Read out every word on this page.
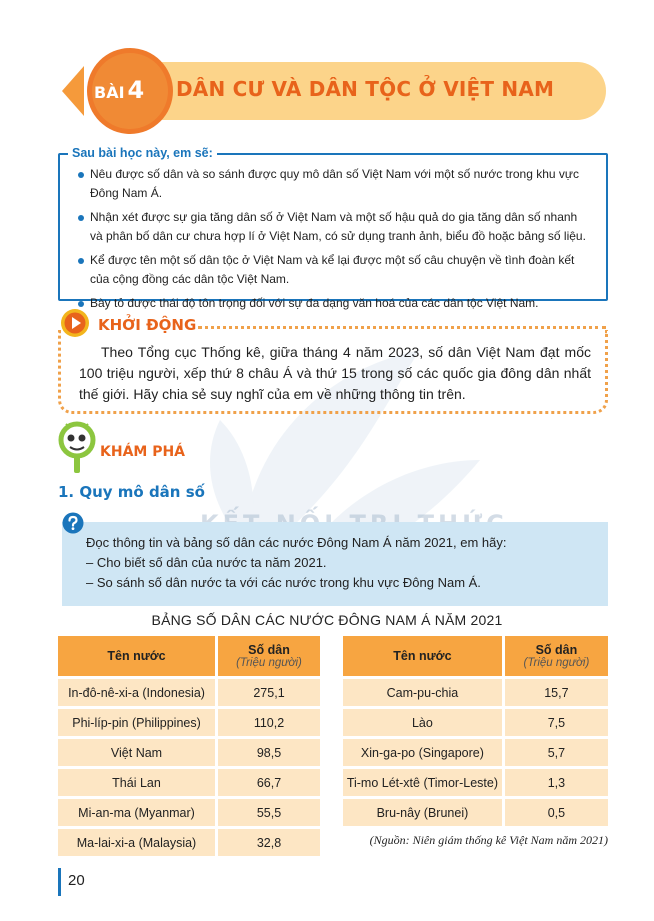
BÀI 4 DÂN CƯ VÀ DÂN TỘC Ở VIỆT NAM
Sau bài học này, em sẽ:
Nêu được số dân và so sánh được quy mô dân số Việt Nam với một số nước trong khu vực Đông Nam Á.
Nhận xét được sự gia tăng dân số ở Việt Nam và một số hậu quả do gia tăng dân số nhanh và phân bố dân cư chưa hợp lí ở Việt Nam, có sử dụng tranh ảnh, biểu đồ hoặc bảng số liệu.
Kể được tên một số dân tộc ở Việt Nam và kể lại được một số câu chuyện về tình đoàn kết của cộng đồng các dân tộc Việt Nam.
Bày tỏ được thái độ tôn trọng đối với sự đa dạng văn hoá của các dân tộc Việt Nam.
KHỞI ĐỘNG

Theo Tổng cục Thống kê, giữa tháng 4 năm 2023, số dân Việt Nam đạt mốc 100 triệu người, xếp thứ 8 châu Á và thứ 15 trong số các quốc gia đông dân nhất thế giới. Hãy chia sẻ suy nghĩ của em về những thông tin trên.

KHÁM PHÁ
1. Quy mô dân số
Đọc thông tin và bảng số dân các nước Đông Nam Á năm 2021, em hãy:
– Cho biết số dân của nước ta năm 2021.
– So sánh số dân nước ta với các nước trong khu vực Đông Nam Á.
BẢNG SỐ DÂN CÁC NƯỚC ĐÔNG NAM Á NĂM 2021
Tên nước	Số dân
(Triệu người)

In-đô-nê-xi-a (Indonesia)	275,1
Phi-líp-pin (Philippines)	110,2
Việt Nam	98,5
Thái Lan	66,7
Mi-an-ma (Myanmar)	55,5
Ma-lai-xi-a (Malaysia)	32,8
Tên nước	Số dân
(Triệu người)

Cam-pu-chia	15,7
Lào	7,5
Xin-ga-po (Singapore)	5,7
Ti-mo Lét-xtê (Timor-Leste)	1,3
Bru-nây (Brunei)	0,5
(Nguồn: Niên giám thống kê Việt Nam năm 2021)
20
